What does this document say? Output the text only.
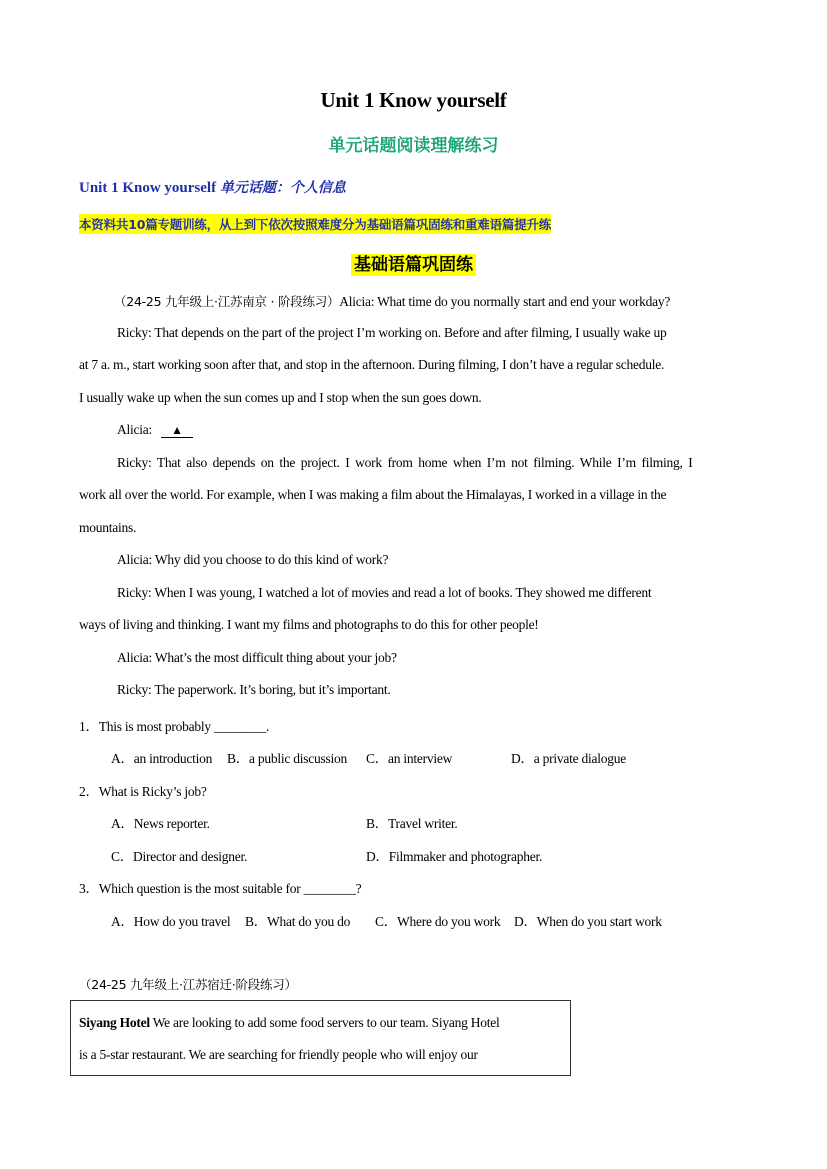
Unit 1 Know yourself
单元话题阅读理解练习
Unit 1 Know yourself 单元话题：个人信息
本资料共10篇专题训练，从上到下依次按照难度分为基础语篇巩固练和重难语篇提升练
基础语篇巩固练
（24-25 九年级上·江苏南京 · 阶段练习）Alicia: What time do you normally start and end your workday?
Ricky: That depends on the part of the project I’m working on. Before and after filming, I usually wake up
at 7 a. m., start working soon after that, and stop in the afternoon. During filming, I don’t have a regular schedule.
I usually wake up when the sun comes up and I stop when the sun goes down.
Alicia: ▲
Ricky: That also depends on the project. I work from home when I’m not filming. While I’m filming, I
work all over the world. For example, when I was making a film about the Himalayas, I worked in a village in the
mountains.
Alicia: Why did you choose to do this kind of work?
Ricky: When I was young, I watched a lot of movies and read a lot of books. They showed me different
ways of living and thinking. I want my films and photographs to do this for other people!
Alicia: What’s the most difficult thing about your job?
Ricky: The paperwork. It’s boring, but it’s important.
1．This is most probably ________.
A．an introduction B．a public discussion C．an interview	D．a private dialogue
2．What is Ricky’s job?
A．News reporter.	B．Travel writer.
C．Director and designer.	D．Filmmaker and photographer.
3．Which question is the most suitable for ________?
A．How do you travel B．What do you do C．Where do you work D．When do you start work
（24-25 九年级上·江苏宿迁·阶段练习）
Siyang Hotel We are looking to add some food servers to our team. Siyang Hotel
is a 5-star restaurant. We are searching for friendly people who will enjoy our
